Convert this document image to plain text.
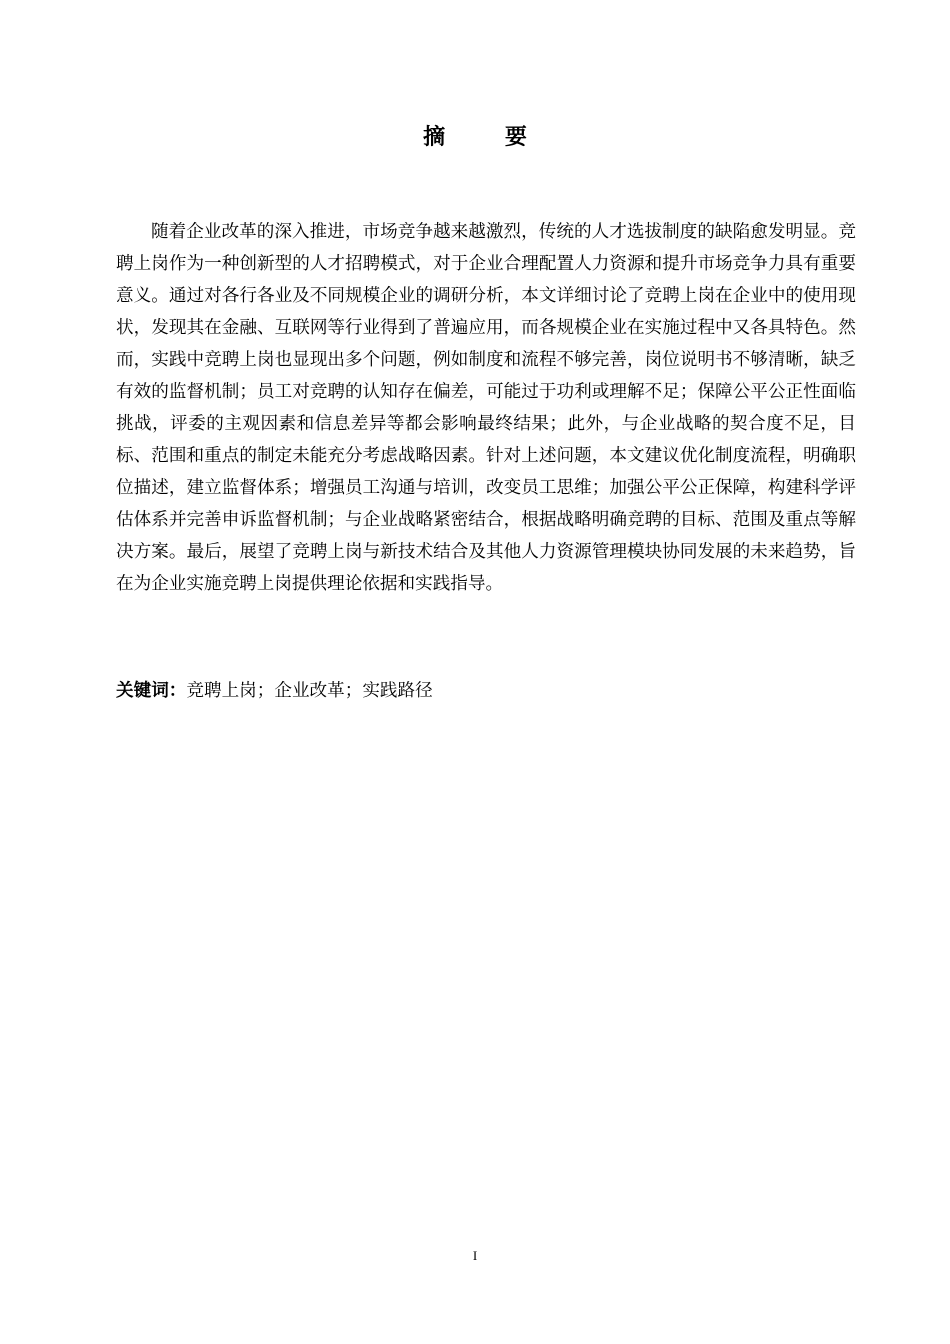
摘 要

随着企业改革的深入推进，市场竞争越来越激烈，传统的人才选拔制度的缺陷愈发明显。竞聘上岗作为一种创新型的人才招聘模式，对于企业合理配置人力资源和提升市场竞争力具有重要意义。通过对各行各业及不同规模企业的调研分析，本文详细讨论了竞聘上岗在企业中的使用现状，发现其在金融、互联网等行业得到了普遍应用，而各规模企业在实施过程中又各具特色。然而，实践中竞聘上岗也显现出多个问题，例如制度和流程不够完善，岗位说明书不够清晰，缺乏有效的监督机制；员工对竞聘的认知存在偏差，可能过于功利或理解不足；保障公平公正性面临挑战，评委的主观因素和信息差异等都会影响最终结果；此外，与企业战略的契合度不足，目标、范围和重点的制定未能充分考虑战略因素。针对上述问题，本文建议优化制度流程，明确职位描述，建立监督体系；增强员工沟通与培训，改变员工思维；加强公平公正保障，构建科学评估体系并完善申诉监督机制；与企业战略紧密结合，根据战略明确竞聘的目标、范围及重点等解决方案。最后，展望了竞聘上岗与新技术结合及其他人力资源管理模块协同发展的未来趋势，旨在为企业实施竞聘上岗提供理论依据和实践指导。

关键词：竞聘上岗；企业改革；实践路径
I
